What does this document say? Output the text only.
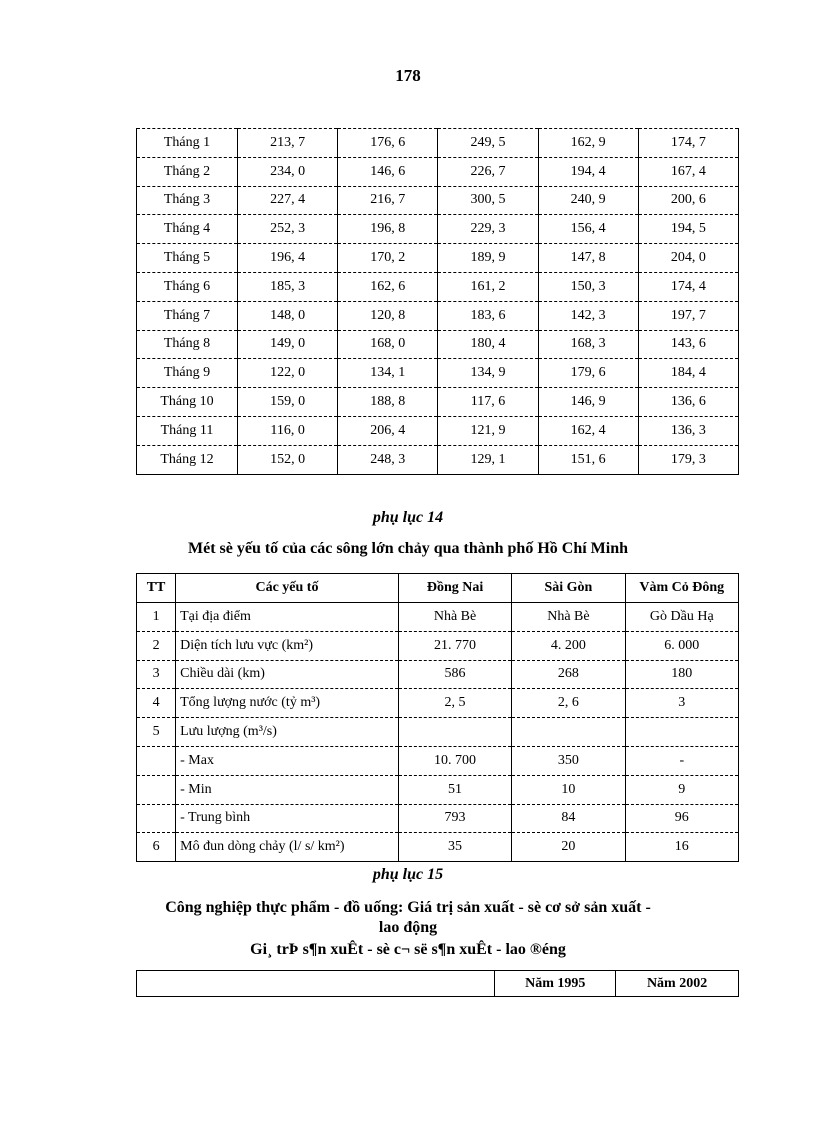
178
Tháng 1	213, 7	176, 6	249, 5	162, 9	174, 7
Tháng 2	234, 0	146, 6	226, 7	194, 4	167, 4
Tháng 3	227, 4	216, 7	300, 5	240, 9	200, 6
Tháng 4	252, 3	196, 8	229, 3	156, 4	194, 5
Tháng 5	196, 4	170, 2	189, 9	147, 8	204, 0
Tháng 6	185, 3	162, 6	161, 2	150, 3	174, 4
Tháng 7	148, 0	120, 8	183, 6	142, 3	197, 7
Tháng 8	149, 0	168, 0	180, 4	168, 3	143, 6
Tháng 9	122, 0	134, 1	134, 9	179, 6	184, 4
Tháng 10	159, 0	188, 8	117, 6	146, 9	136, 6
Tháng 11	116, 0	206, 4	121, 9	162, 4	136, 3
Tháng 12	152, 0	248, 3	129, 1	151, 6	179, 3
phụ lục 14
Mét sè yếu tố của các sông lớn chảy qua thành phố Hồ Chí Minh
TT	Các yếu tố	Đồng Nai	Sài Gòn	Vàm Cỏ Đông
1	Tại địa điểm	Nhà Bè	Nhà Bè	Gò Dầu Hạ
2	Diện tích lưu vực (km²)	21. 770	4. 200	6. 000
3	Chiều dài (km)	586	268	180
4	Tổng lượng nước (tỷ m³)	2, 5	2, 6	3
5	Lưu lượng (m³/s)			
	- Max	10. 700	350	-
	- Min	51	10	9
	- Trung bình	793	84	96
6	Mô đun dòng chảy (l/ s/ km²)	35	20	16
phụ lục 15
Công nghiệp thực phẩm - đồ uống: Giá trị sản xuất - sè cơ sở sản xuất -
lao động
Gi¸ trÞ s¶n xuÊt - sè c¬ së s¶n xuÊt - lao ®éng
	Năm 1995	Năm 2002
